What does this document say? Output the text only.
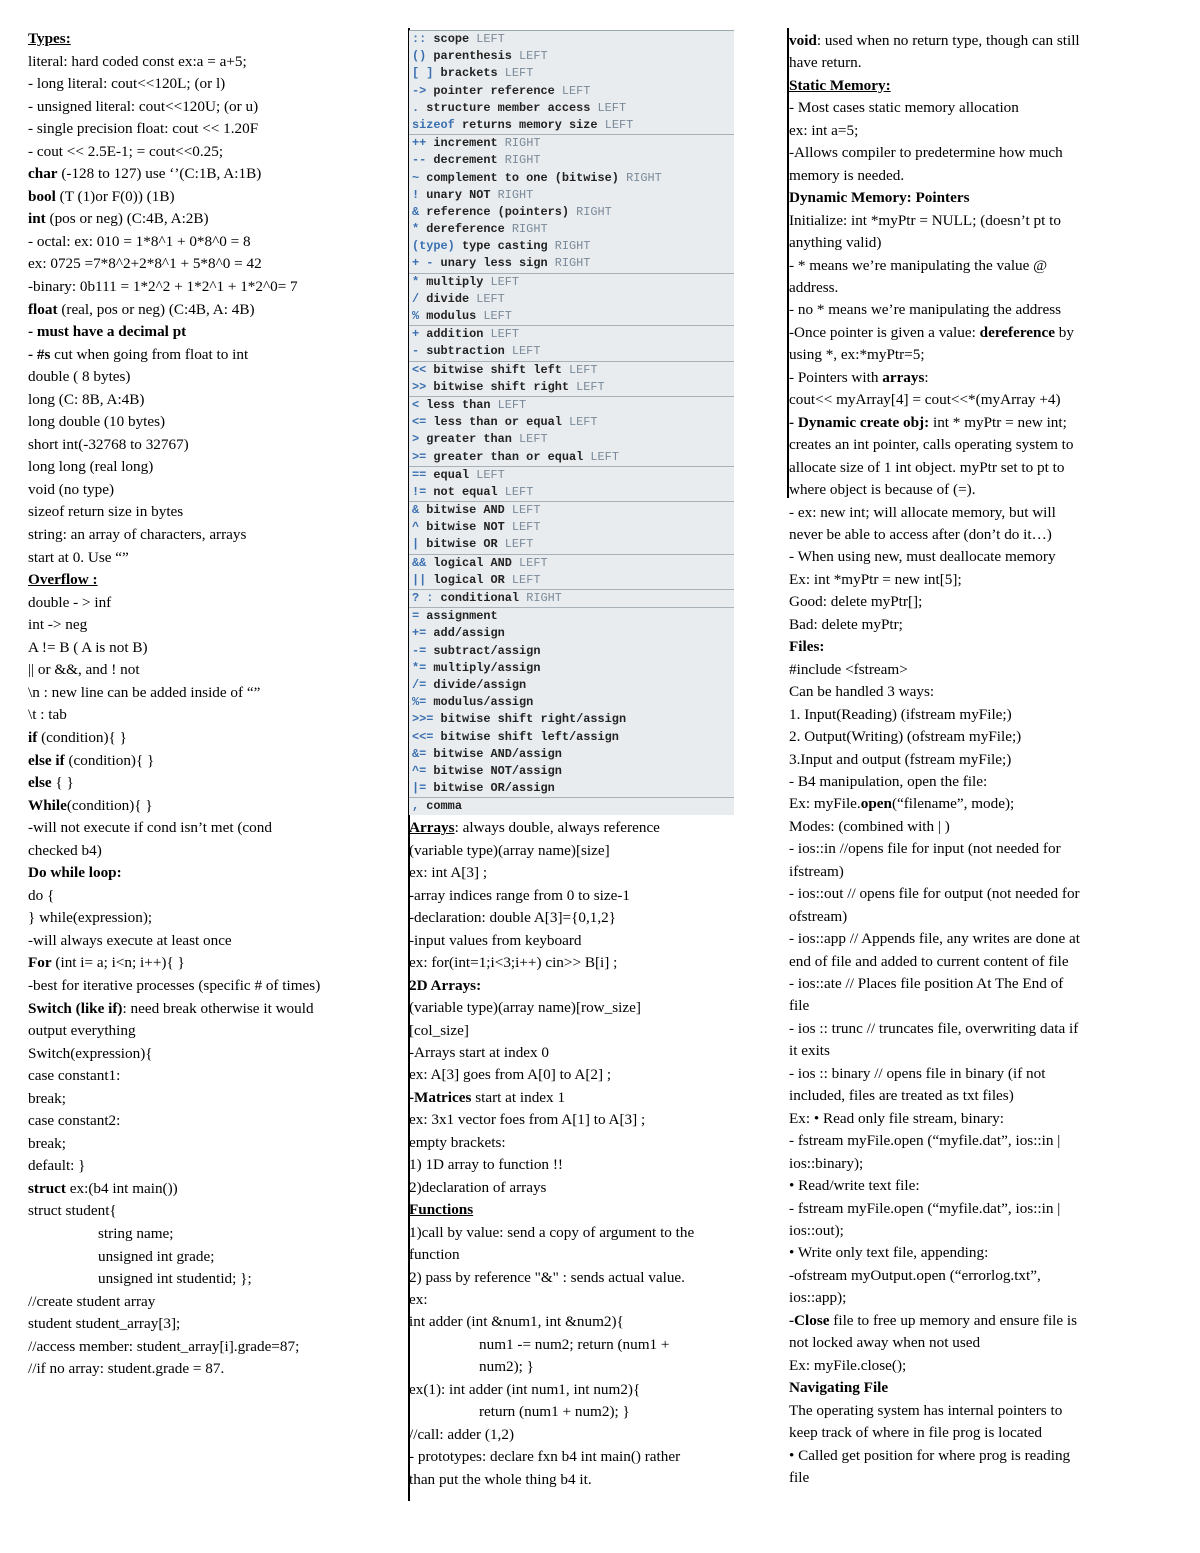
Types:
literal: hard coded const ex:a = a+5;
- long literal: cout<<120L; (or l)
- unsigned literal: cout<<120U; (or u)
- single precision float: cout << 1.20F
- cout << 2.5E-1; = cout<<0.25;
char (-128 to 127) use ‘’(C:1B, A:1B)
bool (T (1)or F(0)) (1B)
int (pos or neg) (C:4B, A:2B)
- octal: ex: 010 = 1*8^1 + 0*8^0 = 8
ex: 0725 =7*8^2+2*8^1 + 5*8^0 = 42
-binary: 0b111 = 1*2^2 + 1*2^1 + 1*2^0= 7
float (real, pos or neg) (C:4B, A: 4B)
- must have a decimal pt
- #s cut when going from float to int
double ( 8 bytes)
long (C: 8B, A:4B)
long double (10 bytes)
short int(-32768 to 32767)
long long (real long)
void (no type)
sizeof return size in bytes
string: an array of characters, arrays
start at 0. Use “”
Overflow :
double - > inf
int -> neg
A != B ( A is not B)
|| or &&, and ! not
\n : new line can be added inside of “”
\t : tab
if (condition){ }
else if (condition){ }
else { }
While(condition){ }
-will not execute if cond isn’t met (cond
checked b4)
Do while loop:
do {
} while(expression);
-will always execute at least once
For (int i= a; i<n; i++){ }
-best for iterative processes (specific # of times)
Switch (like if): need break otherwise it would
output everything
Switch(expression){
case constant1:
break;
case constant2:
break;
default: }
struct ex:(b4 int main())
struct student{
string name;
unsigned int grade;
unsigned int studentid; };
//create student array
student student_array[3];
//access member: student_array[i].grade=87;
//if no array: student.grade = 87.
:: scope LEFT
() parenthesis LEFT
[ ] brackets LEFT
-> pointer reference LEFT
. structure member access LEFT
sizeof returns memory size LEFT
++ increment RIGHT
-- decrement RIGHT
~ complement to one (bitwise) RIGHT
! unary NOT RIGHT
& reference (pointers) RIGHT
* dereference RIGHT
(type) type casting RIGHT
+ - unary less sign RIGHT
* multiply LEFT
/ divide LEFT
% modulus LEFT
+ addition LEFT
- subtraction LEFT
<< bitwise shift left LEFT
>> bitwise shift right LEFT
< less than LEFT
<= less than or equal LEFT
> greater than LEFT
>= greater than or equal LEFT
== equal LEFT
!= not equal LEFT
& bitwise AND LEFT
^ bitwise NOT LEFT
| bitwise OR LEFT
&& logical AND LEFT
|| logical OR LEFT
? : conditional RIGHT
= assignment
+= add/assign
-= subtract/assign
*= multiply/assign
/= divide/assign
%= modulus/assign
>>= bitwise shift right/assign
<<= bitwise shift left/assign
&= bitwise AND/assign
^= bitwise NOT/assign
|= bitwise OR/assign
, comma
Arrays: always double, always reference
(variable type)(array name)[size]
ex: int A[3] ;
-array indices range from 0 to size-1
-declaration: double A[3]={0,1,2}
-input values from keyboard
ex: for(int=1;i<3;i++) cin>> B[i] ;
2D Arrays:
(variable type)(array name)[row_size]
[col_size]
-Arrays start at index 0
ex: A[3] goes from A[0] to A[2] ;
-Matrices start at index 1
ex: 3x1 vector foes from A[1] to A[3] ;
empty brackets:
1) 1D array to function !!
2)declaration of arrays
Functions
1)call by value: send a copy of argument to the
function
2) pass by reference "&" : sends actual value.
ex:
int adder (int &num1, int &num2){
num1 -= num2; return (num1 +
num2); }
ex(1): int adder (int num1, int num2){
return (num1 + num2); }
//call: adder (1,2)
- prototypes: declare fxn b4 int main() rather
than put the whole thing b4 it.
void: used when no return type, though can still
have return.
Static Memory:
- Most cases static memory allocation
ex: int a=5;
-Allows compiler to predetermine how much
memory is needed.
Dynamic Memory: Pointers
Initialize: int *myPtr = NULL; (doesn’t pt to
anything valid)
- * means we’re manipulating the value @
address.
- no * means we’re manipulating the address
-Once pointer is given a value: dereference by
using *, ex:*myPtr=5;
- Pointers with arrays:
cout<< myArray[4] = cout<<*(myArray +4)
- Dynamic create obj: int * myPtr = new int;
creates an int pointer, calls operating system to
allocate size of 1 int object. myPtr set to pt to
where object is because of (=).
- ex: new int; will allocate memory, but will
never be able to access after (don’t do it…)
- When using new, must deallocate memory
Ex: int *myPtr = new int[5];
Good: delete myPtr[];
Bad: delete myPtr;
Files:
#include <fstream>
Can be handled 3 ways:
1. Input(Reading) (ifstream myFile;)
2. Output(Writing) (ofstream myFile;)
3.Input and output (fstream myFile;)
- B4 manipulation, open the file:
Ex: myFile.open(“filename”, mode);
Modes: (combined with | )
- ios::in //opens file for input (not needed for
ifstream)
- ios::out // opens file for output (not needed for
ofstream)
- ios::app // Appends file, any writes are done at
end of file and added to current content of file
- ios::ate // Places file position At The End of
file
- ios :: trunc // truncates file, overwriting data if
it exits
- ios :: binary // opens file in binary (if not
included, files are treated as txt files)
Ex: • Read only file stream, binary:
- fstream myFile.open (“myfile.dat”, ios::in |
ios::binary);
• Read/write text file:
- fstream myFile.open (“myfile.dat”, ios::in |
ios::out);
• Write only text file, appending:
-ofstream myOutput.open (“errorlog.txt”,
ios::app);
-Close file to free up memory and ensure file is
not locked away when not used
Ex: myFile.close();
Navigating File
The operating system has internal pointers to
keep track of where in file prog is located
• Called get position for where prog is reading
file
